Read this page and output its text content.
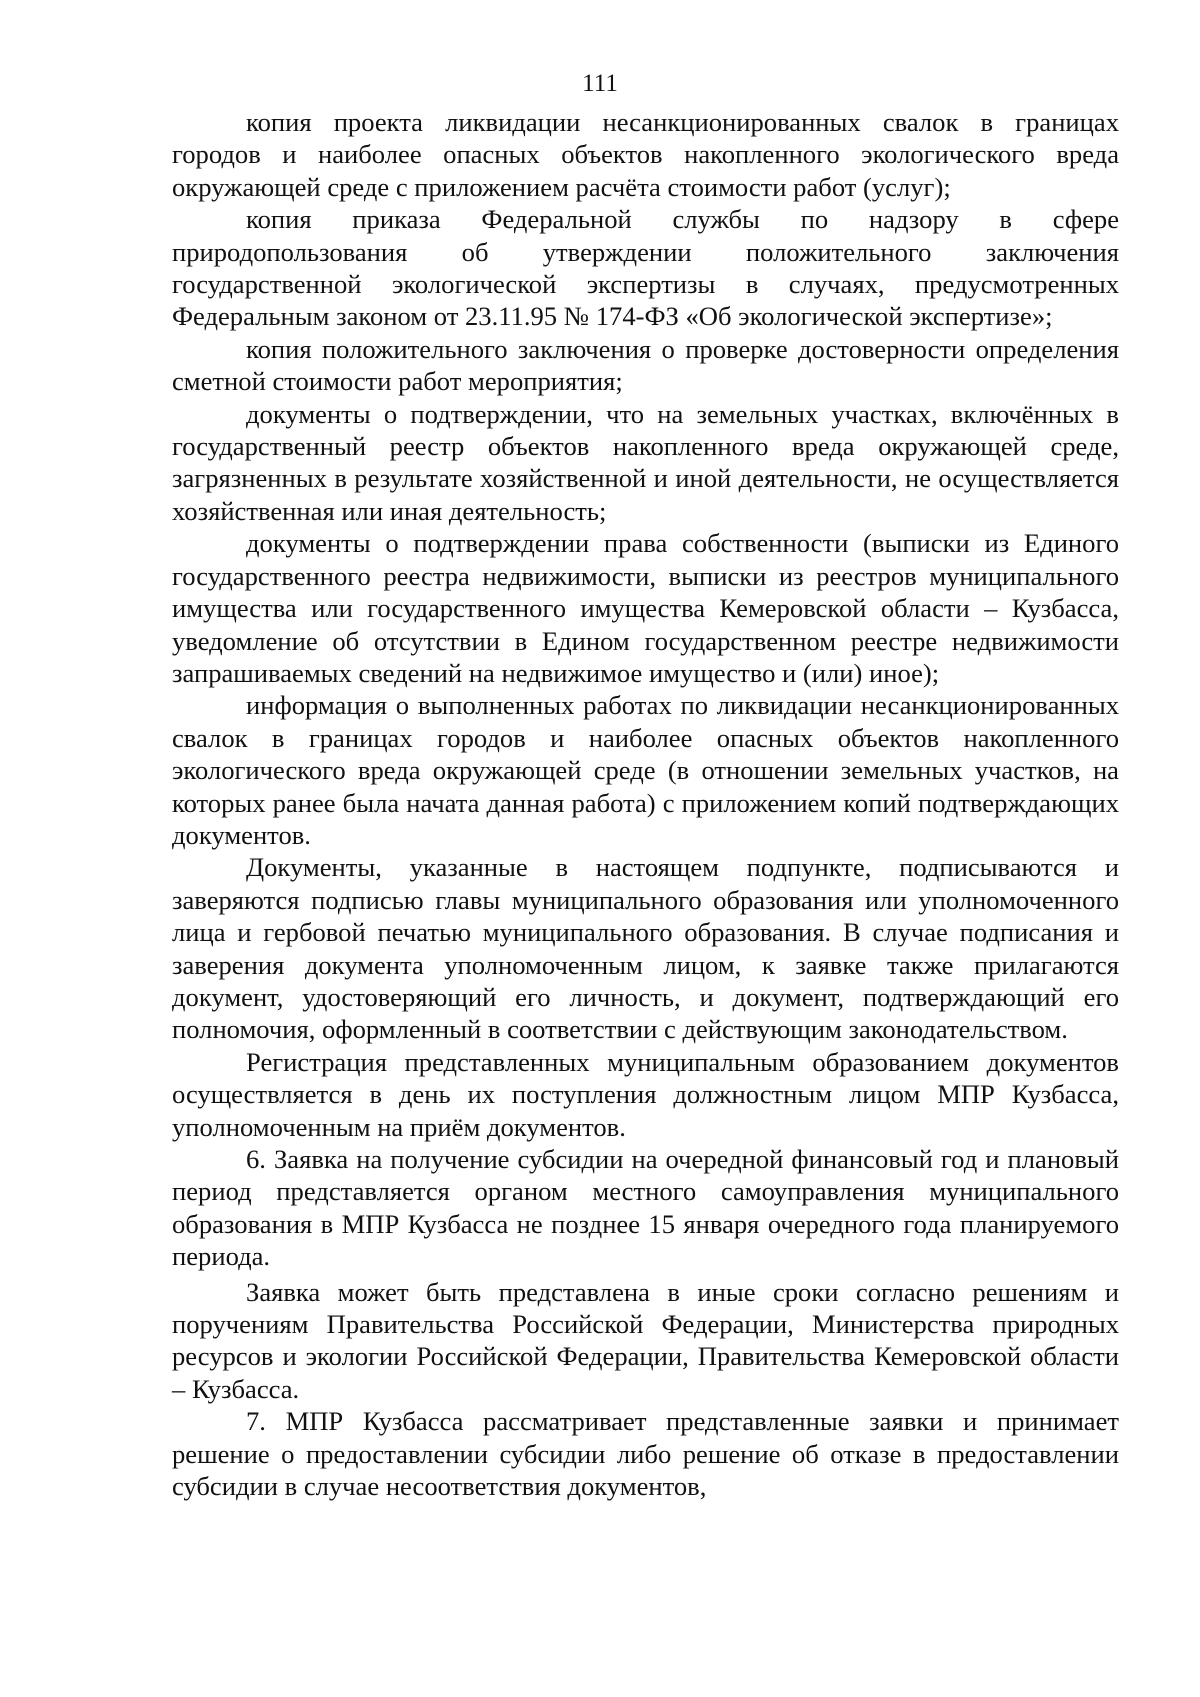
111

копия проекта ликвидации несанкционированных свалок в границах городов и наиболее опасных объектов накопленного экологического вреда окружающей среде с приложением расчёта стоимости работ (услуг);

копия приказа Федеральной службы по надзору в сфере природопользования об утверждении положительного заключения государственной экологической экспертизы в случаях, предусмотренных Федеральным законом от 23.11.95 № 174-ФЗ «Об экологической экспертизе»;

копия положительного заключения о проверке достоверности определения сметной стоимости работ мероприятия;

документы о подтверждении, что на земельных участках, включённых в государственный реестр объектов накопленного вреда окружающей среде, загрязненных в результате хозяйственной и иной деятельности, не осуществляется хозяйственная или иная деятельность;

документы о подтверждении права собственности (выписки из Единого государственного реестра недвижимости, выписки из реестров муниципального имущества или государственного имущества Кемеровской области – Кузбасса, уведомление об отсутствии в Едином государственном реестре недвижимости запрашиваемых сведений на недвижимое имущество и (или) иное);

информация о выполненных работах по ликвидации несанкционированных свалок в границах городов и наиболее опасных объектов накопленного экологического вреда окружающей среде (в отношении земельных участков, на которых ранее была начата данная работа) с приложением копий подтверждающих документов.

Документы, указанные в настоящем подпункте, подписываются и заверяются подписью главы муниципального образования или уполномоченного лица и гербовой печатью муниципального образования. В случае подписания и заверения документа уполномоченным лицом, к заявке также прилагаются документ, удостоверяющий его личность, и документ, подтверждающий его полномочия, оформленный в соответствии с действующим законодательством.

Регистрация представленных муниципальным образованием документов осуществляется в день их поступления должностным лицом МПР Кузбасса, уполномоченным на приём документов.

6. Заявка на получение субсидии на очередной финансовый год и плановый период представляется органом местного самоуправления муниципального образования в МПР Кузбасса не позднее 15 января очередного года планируемого периода.

Заявка может быть представлена в иные сроки согласно решениям и поручениям Правительства Российской Федерации, Министерства природных ресурсов и экологии Российской Федерации, Правительства Кемеровской области – Кузбасса.

7. МПР Кузбасса рассматривает представленные заявки и принимает решение о предоставлении субсидии либо решение об отказе в предоставлении субсидии в случае несоответствия документов,
